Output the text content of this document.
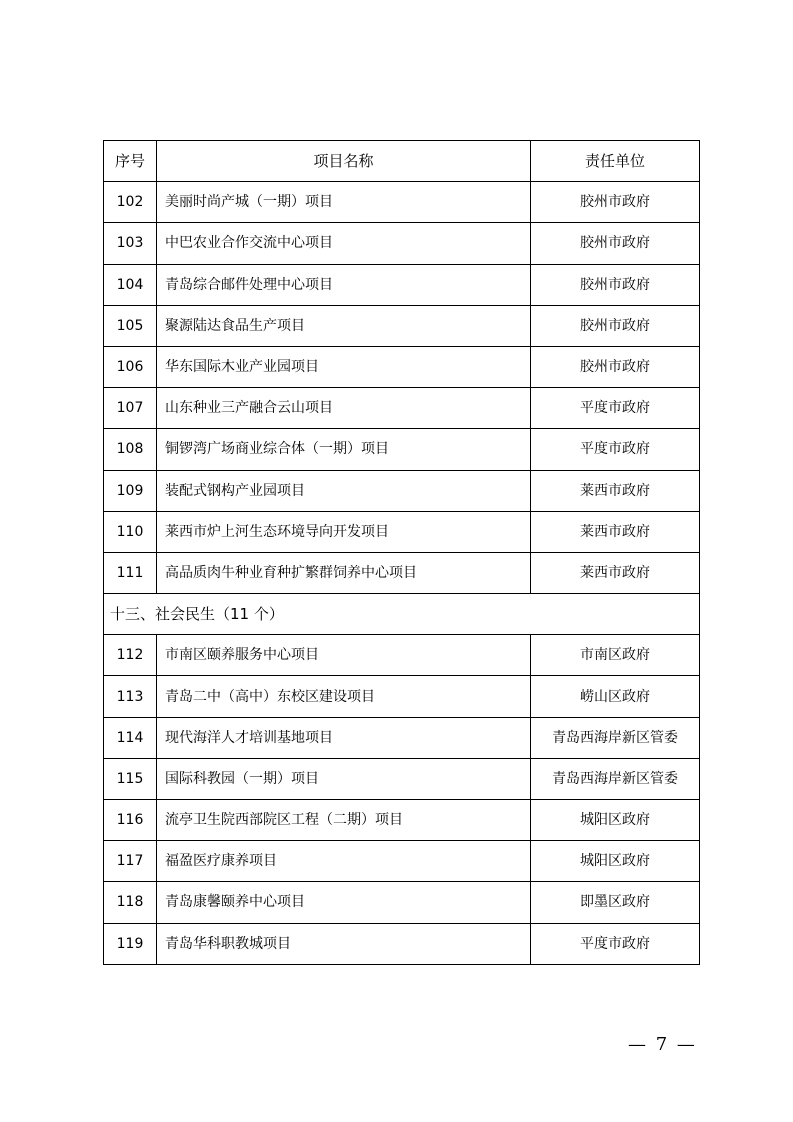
序号	项目名称	责任单位
102	美丽时尚产城（一期）项目	胶州市政府
103	中巴农业合作交流中心项目	胶州市政府
104	青岛综合邮件处理中心项目	胶州市政府
105	聚源陆达食品生产项目	胶州市政府
106	华东国际木业产业园项目	胶州市政府
107	山东种业三产融合云山项目	平度市政府
108	铜锣湾广场商业综合体（一期）项目	平度市政府
109	装配式钢构产业园项目	莱西市政府
110	莱西市炉上河生态环境导向开发项目	莱西市政府
111	高品质肉牛种业育种扩繁群饲养中心项目	莱西市政府
十三、社会民生（11 个）		
112	市南区颐养服务中心项目	市南区政府
113	青岛二中（高中）东校区建设项目	崂山区政府
114	现代海洋人才培训基地项目	青岛西海岸新区管委
115	国际科教园（一期）项目	青岛西海岸新区管委
116	流亭卫生院西部院区工程（二期）项目	城阳区政府
117	福盈医疗康养项目	城阳区政府
118	青岛康馨颐养中心项目	即墨区政府
119	青岛华科职教城项目	平度市政府
— 7 —
